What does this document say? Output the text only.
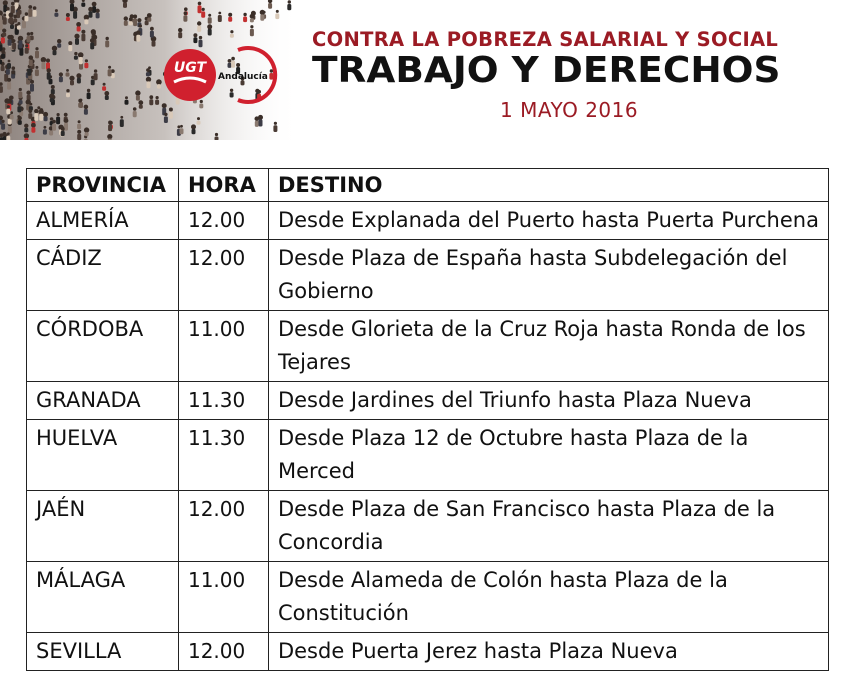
UGT
Andalucía
CONTRA LA POBREZA SALARIAL Y SOCIAL
TRABAJO Y DERECHOS
1 MAYO 2016
PROVINCIA	HORA	DESTINO
ALMERÍA	12.00	Desde Explanada del Puerto hasta Puerta Purchena
CÁDIZ	12.00	Desde Plaza de España hasta Subdelegación del Gobierno
CÓRDOBA	11.00	Desde Glorieta de la Cruz Roja hasta Ronda de los Tejares
GRANADA	11.30	Desde Jardines del Triunfo hasta Plaza Nueva
HUELVA	11.30	Desde Plaza 12 de Octubre hasta Plaza de la Merced
JAÉN	12.00	Desde Plaza de San Francisco hasta Plaza de la Concordia
MÁLAGA	11.00	Desde Alameda de Colón hasta Plaza de la Constitución
SEVILLA	12.00	Desde Puerta Jerez hasta Plaza Nueva
